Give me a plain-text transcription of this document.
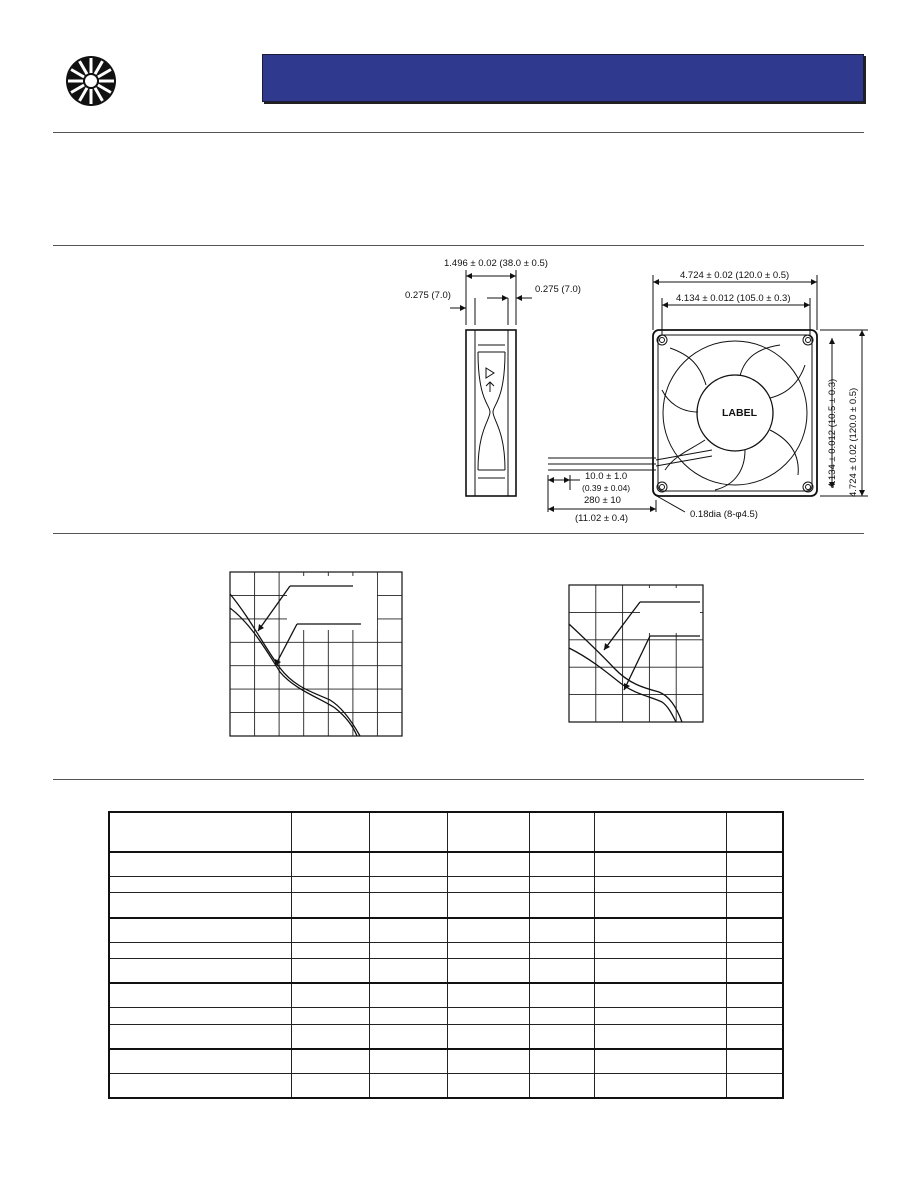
1.496 ± 0.02 (38.0 ± 0.5)
0.275 (7.0)
0.275 (7.0)
4.724 ± 0.02 (120.0 ± 0.5)
4.134 ± 0.012 (105.0 ± 0.3)
LABEL
10.0 ± 1.0
(0.39 ± 0.04)
280 ± 10
(11.02 ± 0.4)	0.18dia (8-φ4.5)
4.134 ± 0.012 (10.5 ± 0.3) 4.724 ± 0.02 (120.0 ± 0.5)
